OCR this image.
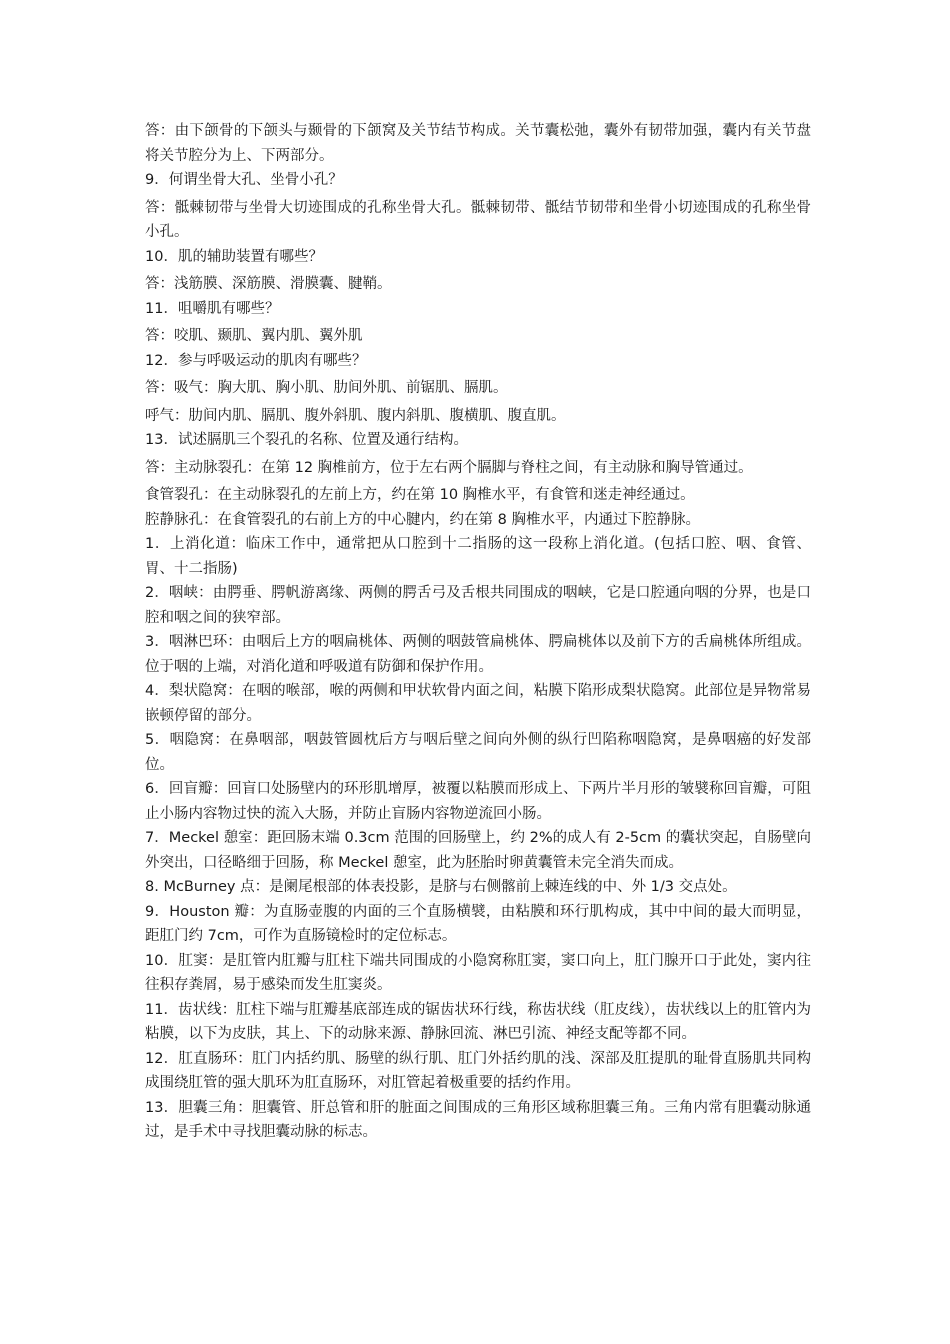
答：由下颌骨的下颌头与颞骨的下颌窝及关节结节构成。关节囊松弛，囊外有韧带加强，囊内有关节盘将关节腔分为上、下两部分。

9．何谓坐骨大孔、坐骨小孔？

答：骶棘韧带与坐骨大切迹围成的孔称坐骨大孔。骶棘韧带、骶结节韧带和坐骨小切迹围成的孔称坐骨小孔。

10．肌的辅助装置有哪些？

答：浅筋膜、深筋膜、滑膜囊、腱鞘。

11．咀嚼肌有哪些？

答：咬肌、颞肌、翼内肌、翼外肌

12．参与呼吸运动的肌肉有哪些？

答：吸气：胸大肌、胸小肌、肋间外肌、前锯肌、膈肌。

呼气：肋间内肌、膈肌、腹外斜肌、腹内斜肌、腹横肌、腹直肌。

13．试述膈肌三个裂孔的名称、位置及通行结构。

答：主动脉裂孔：在第 12 胸椎前方，位于左右两个膈脚与脊柱之间，有主动脉和胸导管通过。

食管裂孔：在主动脉裂孔的左前上方，约在第 10 胸椎水平，有食管和迷走神经通过。

腔静脉孔：在食管裂孔的右前上方的中心腱内，约在第 8 胸椎水平，内通过下腔静脉。

1．上消化道：临床工作中，通常把从口腔到十二指肠的这一段称上消化道。(包括口腔、咽、食管、胃、十二指肠)

2．咽峡：由腭垂、腭帆游离缘、两侧的腭舌弓及舌根共同围成的咽峡，它是口腔通向咽的分界，也是口腔和咽之间的狭窄部。

3．咽淋巴环：由咽后上方的咽扁桃体、两侧的咽鼓管扁桃体、腭扁桃体以及前下方的舌扁桃体所组成。位于咽的上端，对消化道和呼吸道有防御和保护作用。

4．梨状隐窝：在咽的喉部，喉的两侧和甲状软骨内面之间，粘膜下陷形成梨状隐窝。此部位是异物常易嵌顿停留的部分。

5．咽隐窝：在鼻咽部，咽鼓管圆枕后方与咽后壁之间向外侧的纵行凹陷称咽隐窝，是鼻咽癌的好发部位。

6．回盲瓣：回盲口处肠壁内的环形肌增厚，被覆以粘膜而形成上、下两片半月形的皱襞称回盲瓣，可阻止小肠内容物过快的流入大肠，并防止盲肠内容物逆流回小肠。

7．Meckel 憩室：距回肠末端 0.3cm 范围的回肠壁上，约 2%的成人有 2-5cm 的囊状突起，自肠壁向外突出，口径略细于回肠，称 Meckel 憩室，此为胚胎时卵黄囊管未完全消失而成。

8. McBurney 点：是阑尾根部的体表投影，是脐与右侧髂前上棘连线的中、外 1/3 交点处。

9．Houston 瓣：为直肠壶腹的内面的三个直肠横襞，由粘膜和环行肌构成，其中中间的最大而明显，距肛门约 7cm，可作为直肠镜检时的定位标志。

10．肛窦：是肛管内肛瓣与肛柱下端共同围成的小隐窝称肛窦，窦口向上，肛门腺开口于此处，窦内往往积存粪屑，易于感染而发生肛窦炎。

11．齿状线：肛柱下端与肛瓣基底部连成的锯齿状环行线，称齿状线（肛皮线），齿状线以上的肛管内为粘膜，以下为皮肤，其上、下的动脉来源、静脉回流、淋巴引流、神经支配等都不同。

12．肛直肠环：肛门内括约肌、肠壁的纵行肌、肛门外括约肌的浅、深部及肛提肌的耻骨直肠肌共同构成围绕肛管的强大肌环为肛直肠环，对肛管起着极重要的括约作用。

13．胆囊三角：胆囊管、肝总管和肝的脏面之间围成的三角形区域称胆囊三角。三角内常有胆囊动脉通过，是手术中寻找胆囊动脉的标志。
